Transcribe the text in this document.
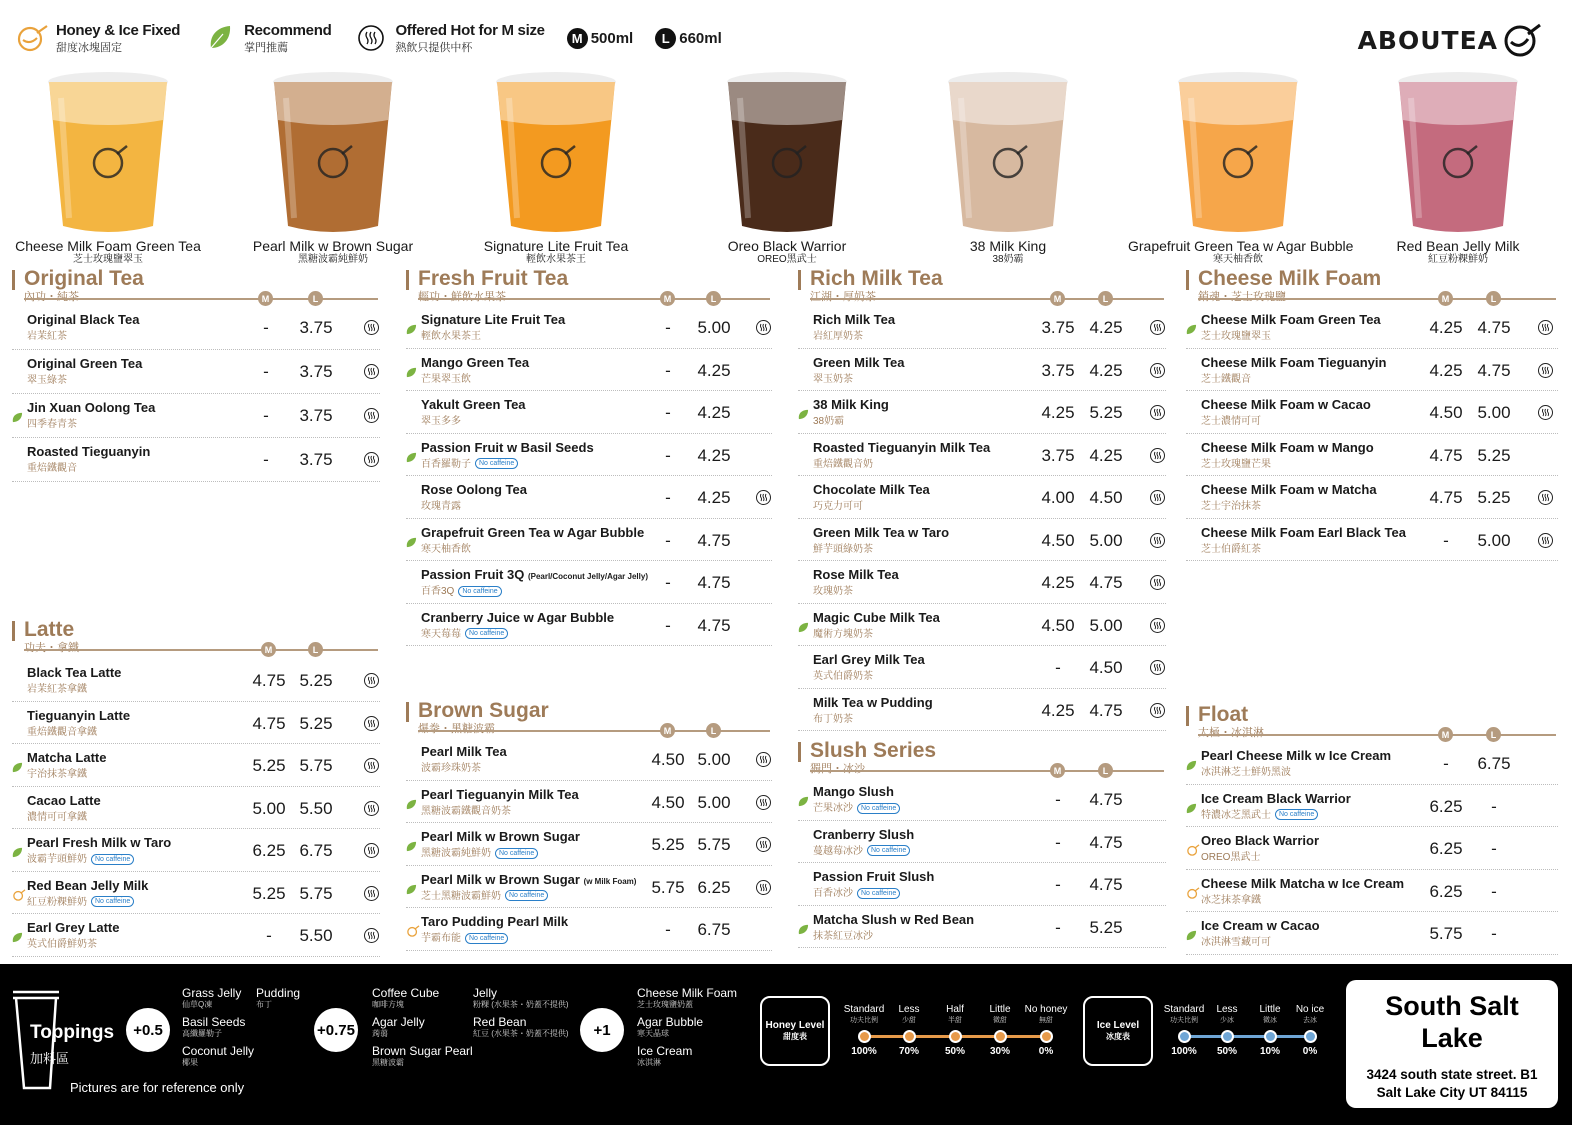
Honey & Ice Fixed
甜度冰塊固定
Recommend
掌門推薦
Offered Hot for M size
熱飲只提供中杯
M 500ml	L 660ml	ABOUTEA
Cheese Milk Foam Green Tea
芝士玫瑰鹽翠玉
Pearl Milk w Brown Sugar
黑糖波霸純鮮奶
Signature Lite Fruit Tea
輕飲水果茶王
Oreo Black Warrior
OREO黑武士
38 Milk King
38奶霸
Grapefruit Green Tea w Agar Bubble
寒天柚香飲
Red Bean Jelly Milk
紅豆粉粿鮮奶
Original Tea
內功・純茶	M	L
Original Black Tea
岩茉紅茶	-	3.75
Original Green Tea
翠玉綠茶	-	3.75
Jin Xuan Oolong Tea
四季春青茶	-	3.75
Roasted Tieguanyin
重焙鐵觀音	-	3.75
Latte
功夫・拿鐵	M	L
Black Tea Latte
岩茉紅茶拿鐵	4.75 5.25
Tieguanyin Latte
重焙鐵觀音拿鐵	4.75 5.25
Matcha Latte
宇治抹茶拿鐵	5.25 5.75
Cacao Latte
濃情可可拿鐵	5.00 5.50
Pearl Fresh Milk w Taro
波霸芋頭鮮奶 No caffeine	6.25 6.75
Red Bean Jelly Milk
紅豆粉粿鮮奶 No caffeine	5.25 5.75
Earl Grey Latte
英式伯爵鮮奶茶	-	5.50
Fresh Fruit Tea
輕功・鮮飲水果茶	M	L
Signature Lite Fruit Tea
輕飲水果茶王	-	5.00
Mango Green Tea
芒果翠玉飲	-	4.25
Yakult Green Tea
翠玉多多	-	4.25
Passion Fruit w Basil Seeds
百香羅勒子 No caffeine	-	4.25
Rose Oolong Tea
玫瑰青露	-	4.25
Grapefruit Green Tea w Agar Bubble
寒天柚香飲	-	4.75
Passion Fruit 3Q (Pearl/Coconut Jelly/Agar Jelly)
百香3Q No caffeine	-	4.75
Cranberry Juice w Agar Bubble
寒天莓莓 No caffeine	-	4.75
Brown Sugar
爆拳・黑糖波霸	M	L
Pearl Milk Tea
波霸珍珠奶茶	4.50 5.00
Pearl Tieguanyin Milk Tea
黑糖波霸鐵觀音奶茶	4.50 5.00
Pearl Milk w Brown Sugar
黑糖波霸純鮮奶 No caffeine	5.25 5.75
Pearl Milk w Brown Sugar (w Milk Foam)
芝士黑糖波霸鮮奶 No caffeine	5.75 6.25
Taro Pudding Pearl Milk
芋霸布能 No caffeine	-	6.75
Rich Milk Tea
江湖・厚奶茶	M	L
Rich Milk Tea
岩紅厚奶茶	3.75 4.25
Green Milk Tea
翠玉奶茶	3.75 4.25
38 Milk King
38奶霸	4.25 5.25
Roasted Tieguanyin Milk Tea
重焙鐵觀音奶	3.75 4.25
Chocolate Milk Tea
巧克力可可	4.00 4.50
Green Milk Tea w Taro
鮮芋頭綠奶茶	4.50 5.00
Rose Milk Tea
玫瑰奶茶	4.25 4.75
Magic Cube Milk Tea
魔術方塊奶茶	4.50 5.00
Earl Grey Milk Tea
英式伯爵奶茶	-	4.50
Milk Tea w Pudding
布丁奶茶	4.25 4.75
Slush Series
獨門・冰沙	M	L
Mango Slush
芒果冰沙 No caffeine	-	4.75
Cranberry Slush
蔓越莓冰沙 No caffeine	-	4.75
Passion Fruit Slush
百香冰沙 No caffeine	-	4.75
Matcha Slush w Red Bean
抹茶紅豆冰沙	-	5.25
Cheese Milk Foam
銷魂・芝士玫瑰鹽	M	L
Cheese Milk Foam Green Tea
芝士玫瑰鹽翠玉	4.25 4.75
Cheese Milk Foam Tieguanyin
芝士鐵觀音	4.25 4.75
Cheese Milk Foam w Cacao
芝士濃情可可	4.50 5.00
Cheese Milk Foam w Mango
芝士玫瑰鹽芒果	4.75 5.25
Cheese Milk Foam w Matcha
芝士宇治抹茶	4.75 5.25
Cheese Milk Foam Earl Black Tea
芝士伯爵紅茶	-	5.00
Float
太極・冰淇淋	M	L
Pearl Cheese Milk w Ice Cream
冰淇淋芝士鮮奶黑波	-	6.75
Ice Cream Black Warrior
特濃冰芝黑武士 No caffeine	6.25	-
Oreo Black Warrior
OREO黑武士	6.25	-
Cheese Milk Matcha w Ice Cream
冰芝抹茶拿鐵	6.25	-
Ice Cream w Cacao
冰淇淋雪藏可可	5.75	-
Toppings
加料區
Pictures are for reference only
+0.5
Grass Jelly
仙草Q凍
Pudding
布丁
Basil Seeds
高纖羅勒子
Coconut Jelly
椰果
+0.75
Coffee Cube
咖啡方塊
Jelly
粉粿 (水果茶・奶蓋不提供)
Agar Jelly
蒟蒻
Red Bean
紅豆 (水果茶・奶蓋不提供)
Brown Sugar Pearl
黑糖波霸
+1
Cheese Milk Foam
芝士玫瑰鹽奶蓋
Agar Bubble
寒天晶球
Ice Cream
冰淇淋
Honey Level
甜度表
Standard
功夫比例
100%
Less
少甜
70%
Half
半甜
50%
Little
微甜
30%
No honey
無甜
0%
Ice Level
冰度表
Standard
功夫比例
100%
Less
少冰
50%
Little
微冰
10%
No ice
去冰
0%
South Salt Lake
3424 south state street. B1
Salt Lake City UT 84115
